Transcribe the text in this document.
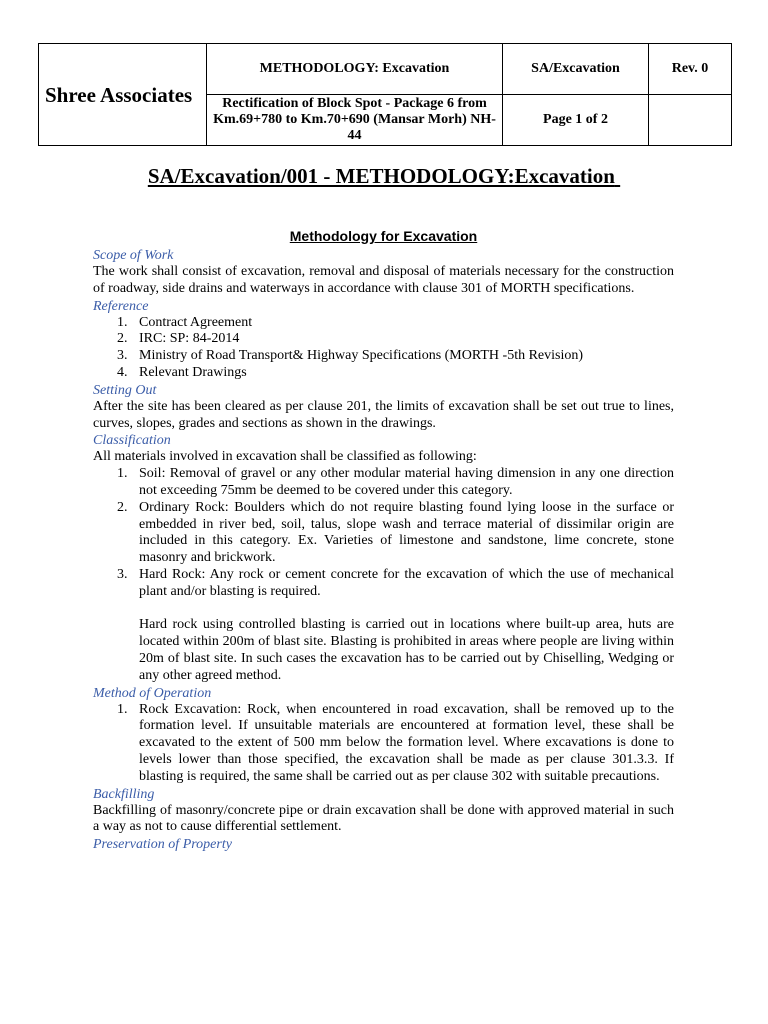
Shree Associates	METHODOLOGY: Excavation	SA/Excavation	Rev. 0
	Rectification of Block Spot - Package 6 from Km.69+780 to Km.70+690 (Mansar Morh) NH-44	Page 1 of 2	
SA/Excavation/001 - METHODOLOGY:Excavation
Methodology for Excavation
Scope of Work
The work shall consist of excavation, removal and disposal of materials necessary for the construction of roadway, side drains and waterways in accordance with clause 301 of MORTH specifications.
Reference
1. Contract Agreement
2. IRC: SP: 84-2014
3. Ministry of Road Transport& Highway Specifications (MORTH -5th Revision)
4. Relevant Drawings
Setting Out
After the site has been cleared as per clause 201, the limits of excavation shall be set out true to lines, curves, slopes, grades and sections as shown in the drawings.
Classification
All materials involved in excavation shall be classified as following:
1. Soil: Removal of gravel or any other modular material having dimension in any one direction not exceeding 75mm be deemed to be covered under this category.
2. Ordinary Rock: Boulders which do not require blasting found lying loose in the surface or embedded in river bed, soil, talus, slope wash and terrace material of dissimilar origin are included in this category. Ex. Varieties of limestone and sandstone, lime concrete, stone masonry and brickwork.
3. Hard Rock: Any rock or cement concrete for the excavation of which the use of mechanical plant and/or blasting is required.
Hard rock using controlled blasting is carried out in locations where built-up area, huts are located within 200m of blast site. Blasting is prohibited in areas where people are living within 20m of blast site. In such cases the excavation has to be carried out by Chiselling, Wedging or any other agreed method.
Method of Operation
1. Rock Excavation: Rock, when encountered in road excavation, shall be removed up to the formation level. If unsuitable materials are encountered at formation level, these shall be excavated to the extent of 500 mm below the formation level. Where excavations is done to levels lower than those specified, the excavation shall be made as per clause 301.3.3. If blasting is required, the same shall be carried out as per clause 302 with suitable precautions.
Backfilling
Backfilling of masonry/concrete pipe or drain excavation shall be done with approved material in such a way as not to cause differential settlement.
Preservation of Property
